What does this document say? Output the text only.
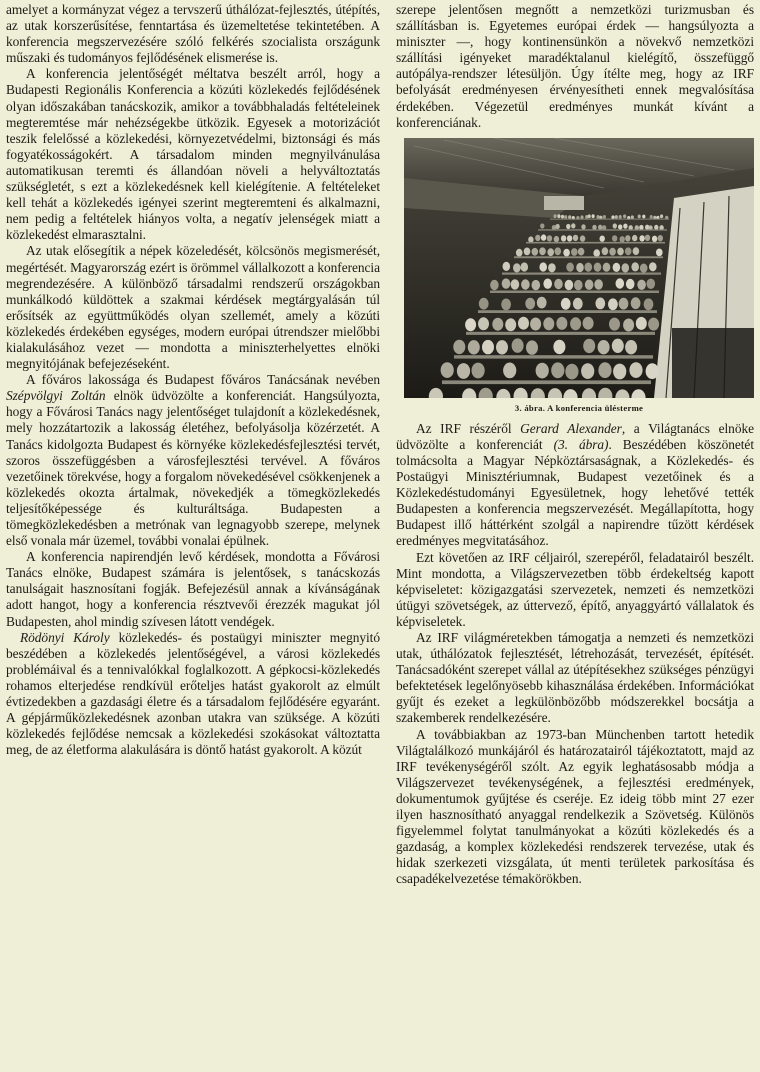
amelyet a kormányzat végez a tervszerű úthálózat-fejlesztés, útépítés, az utak korszerűsítése, fenntartása és üzemeltetése tekintetében. A konferencia megszervezésére szóló felkérés szocialista országunk műszaki és tudományos fejlődésének elismerése is.

A konferencia jelentőségét méltatva beszélt arról, hogy a Budapesti Regionális Konferencia a közúti közlekedés fejlődésének olyan időszakában tanácskozik, amikor a továbbhaladás feltételeinek megteremtése már nehézségekbe ütközik. Egyesek a motorizációt teszik felelőssé a közlekedési, környezetvédelmi, biztonsági és más fogyatékosságokért. A társadalom minden megnyilvánulása automatikusan teremti és állandóan növeli a helyváltoztatás szükségletét, s ezt a közlekedésnek kell kielégítenie. A feltételeket kell tehát a közlekedés igényei szerint megteremteni és alkalmazni, nem pedig a feltételek hiányos volta, a negatív jelenségek miatt a közlekedést elmarasztalni.

Az utak elősegítik a népek közeledését, kölcsönös megismerését, megértését. Magyarország ezért is örömmel vállalkozott a konferencia megrendezésére. A különböző társadalmi rendszerű országokban munkálkodó küldöttek a szakmai kérdések megtárgyalásán túl erősítsék az együttműködés olyan szellemét, amely a közúti közlekedés érdekében egységes, modern európai útrendszer mielőbbi kialakulásához vezet — mondotta a miniszterhelyettes elnöki megnyitójának befejezéseként.

A főváros lakossága és Budapest főváros Tanácsának nevében Szépvölgyi Zoltán elnök üdvözölte a konferenciát. Hangsúlyozta, hogy a Fővárosi Tanács nagy jelentőséget tulajdonít a közlekedésnek, mely hozzátartozik a lakosság életéhez, befolyásolja közérzetét. A Tanács kidolgozta Budapest és környéke közlekedésfejlesztési tervét, szoros összefüggésben a városfejlesztési tervével. A főváros vezetőinek törekvése, hogy a forgalom növekedésével csökkenjenek a közlekedés okozta ártalmak, növekedjék a tömegközlekedés teljesítőképessége és kulturáltsága. Budapesten a tömegközlekedésben a metrónak van legnagyobb szerepe, melynek első vonala már üzemel, további vonalai épülnek.

A konferencia napirendjén levő kérdések, mondotta a Fővárosi Tanács elnöke, Budapest számára is jelentősek, s tanácskozás tanulságait hasznosítani fogják. Befejezésül annak a kívánságának adott hangot, hogy a konferencia résztvevői érezzék magukat jól Budapesten, ahol mindig szívesen látott vendégek.

Rödönyi Károly közlekedés- és postaügyi miniszter megnyitó beszédében a közlekedés jelentőségével, a városi közlekedés problémáival és a tennivalókkal foglalkozott. A gépkocsi-közlekedés rohamos elterjedése rendkívül erőteljes hatást gyakorolt az elmúlt évtizedekben a gazdasági életre és a társadalom fejlődésére egyaránt. A gépjárműközlekedésnek azonban utakra van szüksége. A közúti közlekedés fejlődése nemcsak a közlekedési szokásokat változtatta meg, de az életforma alakulására is döntő hatást gyakorolt. A közút

szerepe jelentősen megnőtt a nemzetközi turizmusban és szállításban is. Egyetemes európai érdek — hangsúlyozta a miniszter —, hogy kontinensünkön a növekvő nemzetközi szállítási igényeket maradéktalanul kielégítő, összefüggő autópálya-rendszer létesüljön. Úgy ítélte meg, hogy az IRF befolyását eredményesen érvényesítheti ennek megvalósítása érdekében. Végezetül eredményes munkát kívánt a konferenciának.

3. ábra. A konferencia ülésterme

Az IRF részéről Gerard Alexander, a Világtanács elnöke üdvözölte a konferenciát (3. ábra). Beszédében köszönetét tolmácsolta a Magyar Népköztársaságnak, a Közlekedés- és Postaügyi Minisztériumnak, Budapest vezetőinek és a Közlekedéstudományi Egyesületnek, hogy lehetővé tették Budapesten a konferencia megszervezését. Megállapította, hogy Budapest illő háttérként szolgál a napirendre tűzött kérdések eredményes megvitatásához.

Ezt követően az IRF céljairól, szerepéről, feladatairól beszélt. Mint mondotta, a Világszervezetben több érdekeltség kapott képviseletet: közigazgatási szervezetek, nemzeti és nemzetközi útügyi szövetségek, az úttervező, építő, anyaggyártó vállalatok és képviseletek.

Az IRF világméretekben támogatja a nemzeti és nemzetközi utak, úthálózatok fejlesztését, létrehozását, tervezését, építését. Tanácsadóként szerepet vállal az útépítésekhez szükséges pénzügyi befektetések legelőnyösebb kihasználása érdekében. Információkat gyűjt és ezeket a legkülönbözőbb módszerekkel bocsátja a szakemberek rendelkezésére.

A továbbiakban az 1973-ban Münchenben tartott hetedik Világtalálkozó munkájáról és határozatairól tájékoztatott, majd az IRF tevékenységéről szólt. Az egyik leghatásosabb módja a Világszervezet tevékenységének, a fejlesztési eredmények, dokumentumok gyűjtése és cseréje. Ez ideig több mint 27 ezer ilyen hasznosítható anyaggal rendelkezik a Szövetség. Különös figyelemmel folytat tanulmányokat a közúti közlekedés és a gazdaság, a komplex közlekedési rendszerek tervezése, utak és hidak szerkezeti vizsgálata, út menti területek parkosítása és csapadékelvezetése témakörökben.
